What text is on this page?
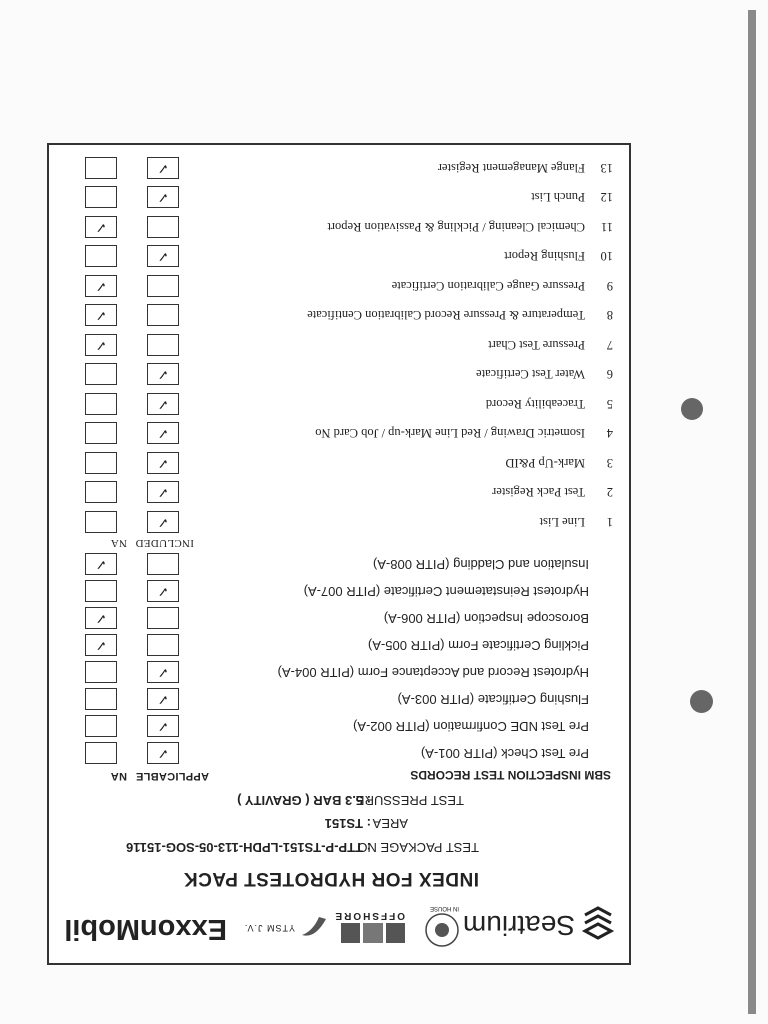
Seatrium
IN HOUSE
OFFSHORE
YTSM J.V.
ExxonMobil
INDEX FOR HYDROTEST PACK
TEST PACKAGE NO: TTP-P-TS151-LPDH-113-05-SOG-15116
AREA: TS151
TEST PRESSURE: 5.3 BAR ( GRAVITY )
SBM INSPECTION TEST RECORDS
APPLICABLE
NA
Pre Test Check (PITR 001-A)
✓
Pre Test NDE Confirmation (PITR 002-A)
✓
Flushing Certificate (PITR 003-A)
✓
Hydrotest Record and Acceptance Form (PITR 004-A)
✓
Pickling Certificate Form (PITR 005-A)
✓
Boroscope Inspection (PITR 006-A)
✓
Hydrotest Reinstatement Certificate (PITR 007-A)
✓
Insulation and Cladding (PITR 008-A)
✓
INCLUDED
NA
1
Line List
✓
2
Test Pack Register
✓
3
Mark-Up P&ID
✓
4
Isometric Drawing / Red Line Mark-up / Job Card No
✓
5
Traceability Record
✓
6
Water Test Certificate
✓
7
Pressure Test Chart
✓
8
Temperature & Pressure Record Calibration Centificate
✓
9
Pressure Gauge Calibration Certificate
✓
10
Flushing Report
✓
11
Chemical Cleaning / Pickling & Passivation Report
✓
12
Punch List
✓
13
Flange Management Register
✓
